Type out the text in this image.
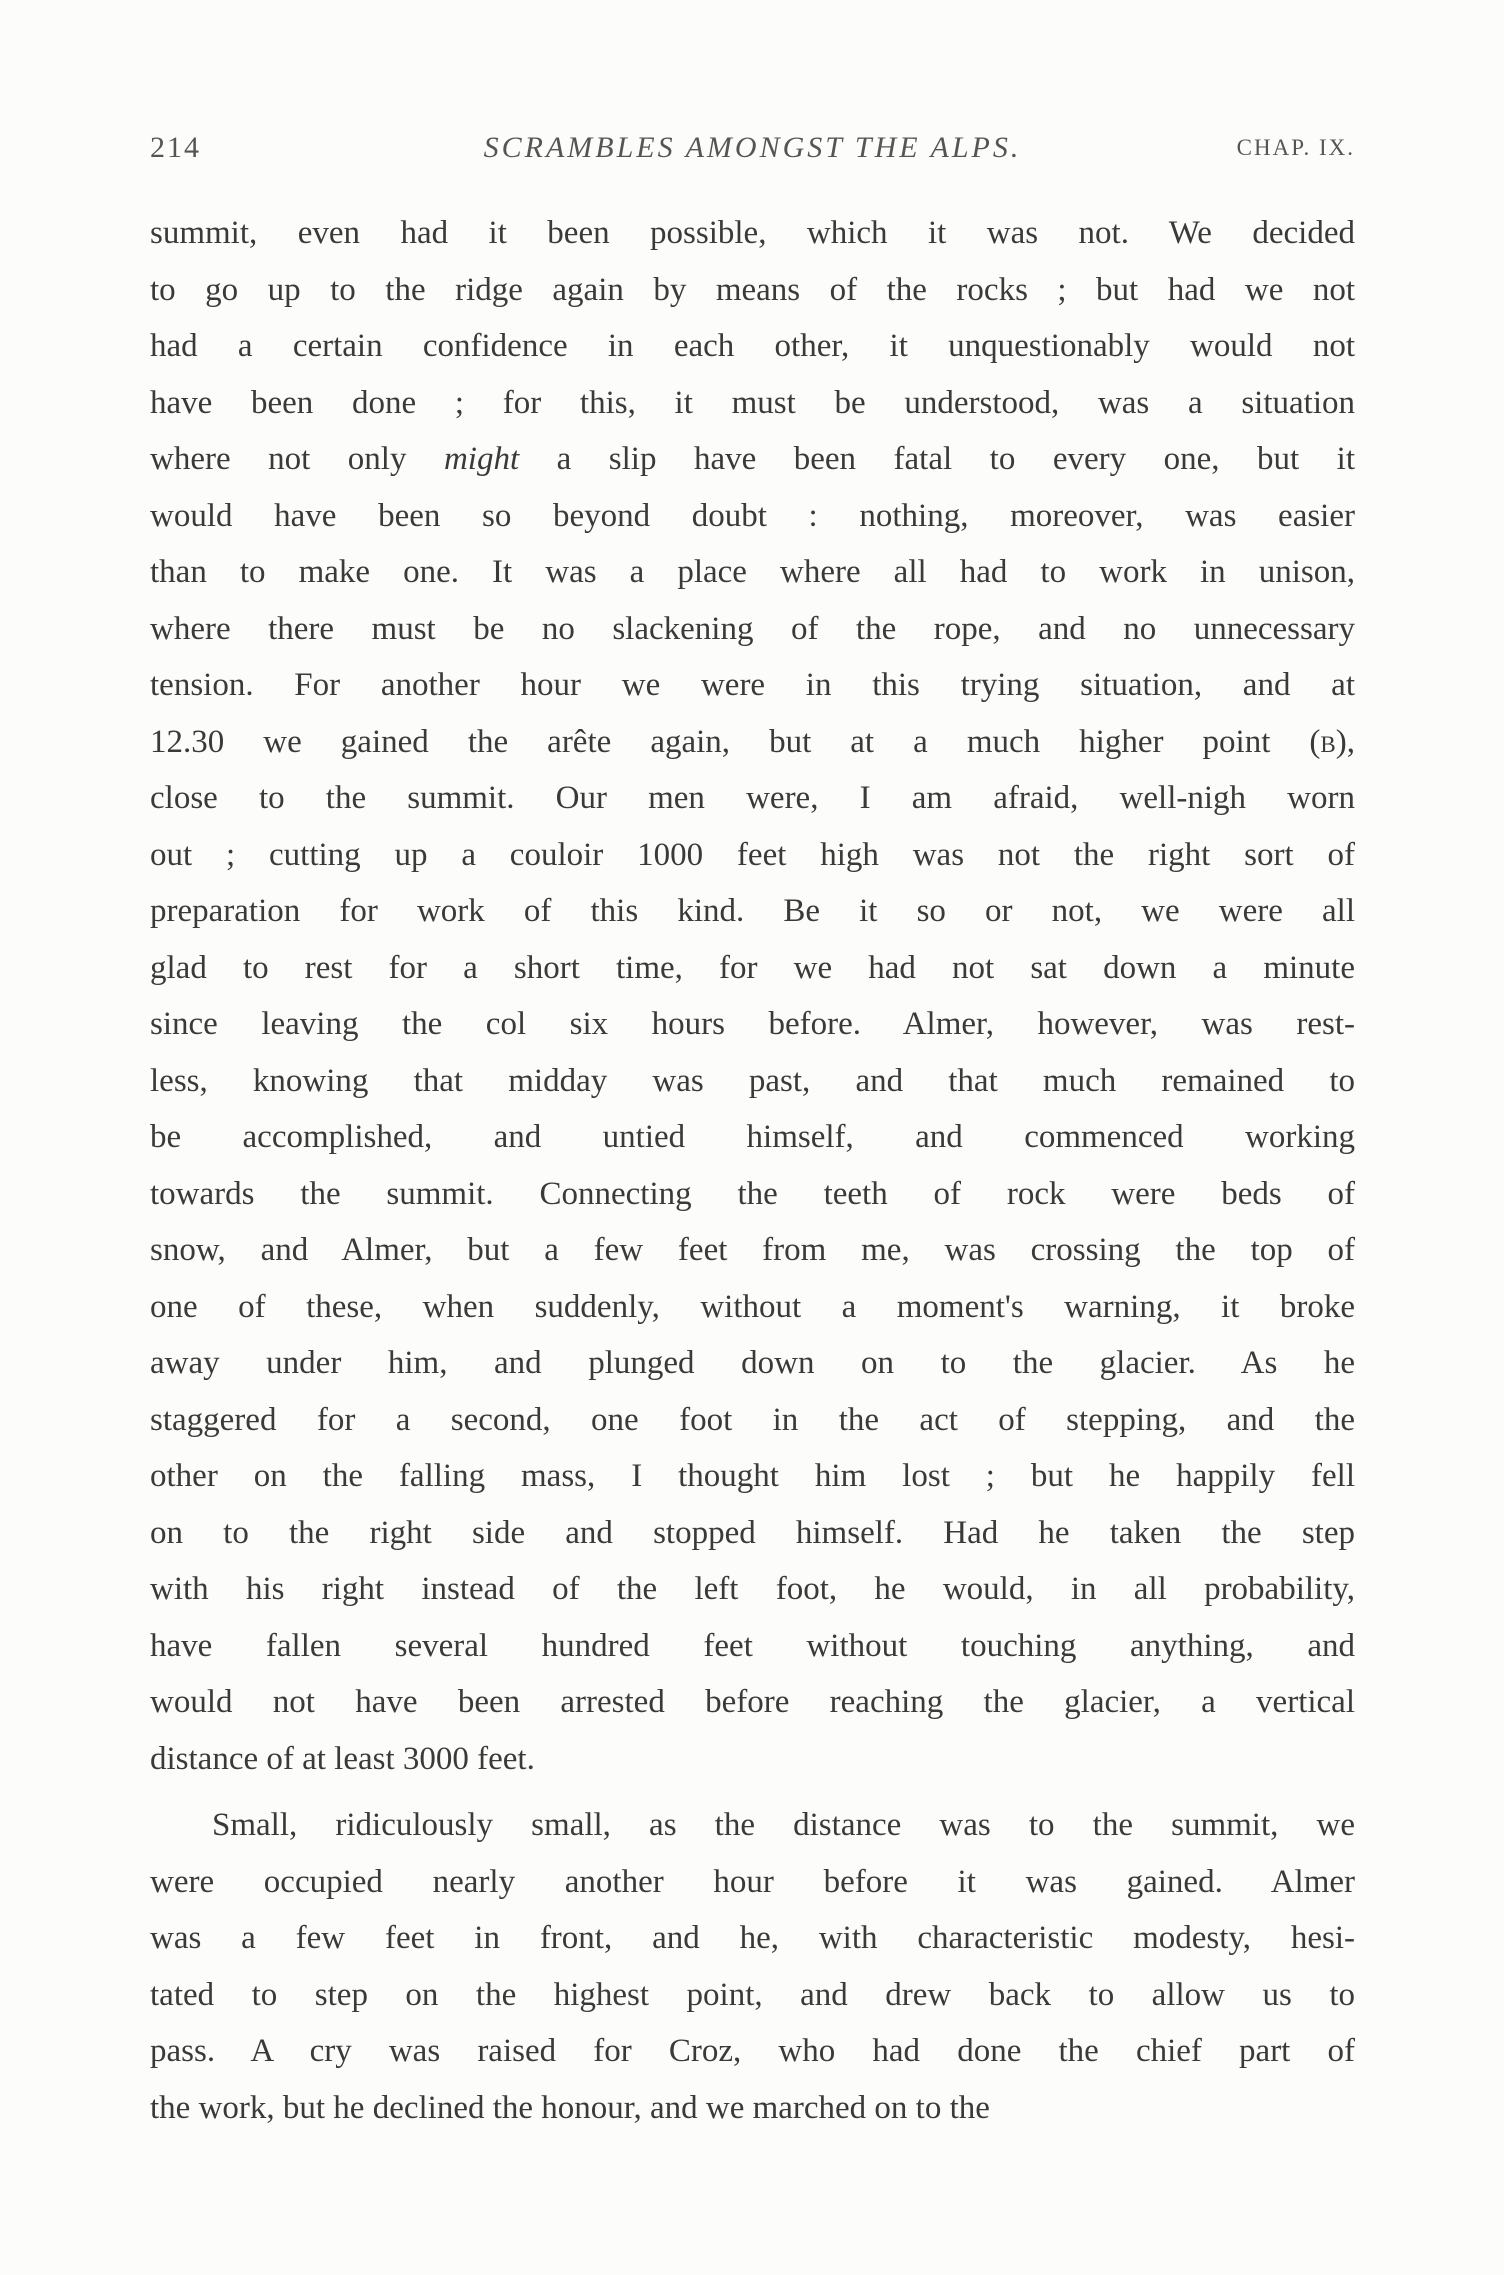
214	SCRAMBLES AMONGST THE ALPS.	CHAP. IX.
summit, even had it been possible, which it was not. We decided
to go up to the ridge again by means of the rocks ; but had we not
had a certain confidence in each other, it unquestionably would not
have been done ; for this, it must be understood, was a situation
where not only might a slip have been fatal to every one, but it
would have been so beyond doubt : nothing, moreover, was easier
than to make one. It was a place where all had to work in unison,
where there must be no slackening of the rope, and no unnecessary
tension. For another hour we were in this trying situation, and at
12.30 we gained the arête again, but at a much higher point (b),
close to the summit. Our men were, I am afraid, well-nigh worn
out ; cutting up a couloir 1000 feet high was not the right sort of
preparation for work of this kind. Be it so or not, we were all
glad to rest for a short time, for we had not sat down a minute
since leaving the col six hours before. Almer, however, was rest-
less, knowing that midday was past, and that much remained to
be accomplished, and untied himself, and commenced working
towards the summit. Connecting the teeth of rock were beds of
snow, and Almer, but a few feet from me, was crossing the top of
one of these, when suddenly, without a moment's warning, it broke
away under him, and plunged down on to the glacier. As he
staggered for a second, one foot in the act of stepping, and the
other on the falling mass, I thought him lost ; but he happily fell
on to the right side and stopped himself. Had he taken the step
with his right instead of the left foot, he would, in all probability,
have fallen several hundred feet without touching anything, and
would not have been arrested before reaching the glacier, a vertical
distance of at least 3000 feet.
Small, ridiculously small, as the distance was to the summit, we
were occupied nearly another hour before it was gained. Almer
was a few feet in front, and he, with characteristic modesty, hesi-
tated to step on the highest point, and drew back to allow us to
pass. A cry was raised for Croz, who had done the chief part of
the work, but he declined the honour, and we marched on to the
